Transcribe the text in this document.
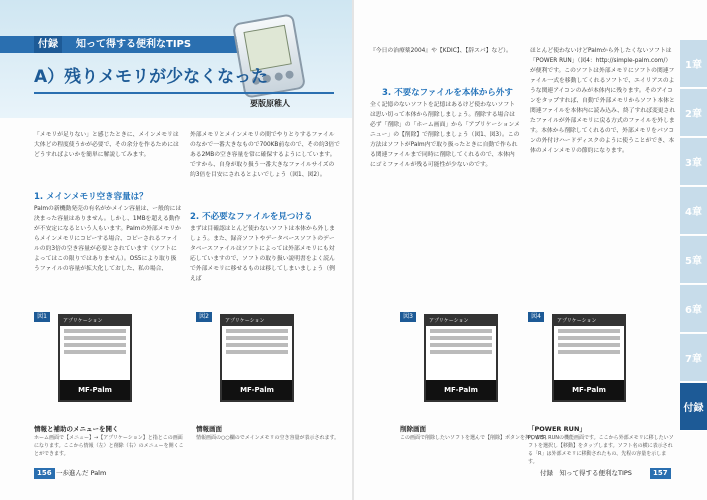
付録	知って得する便利なTIPS
A）残りメモリが少なくなった
要版原稚人
「メモリが足りない」と感じたときに、メインメモリは大体どの程度使うかが必要で、その余分を作るためにはどうすればよいかを簡単に解説してみます。
1. メインメモリ空き容量は？
Palmの新機動発売の有名がかメイン容量は、ー般的には決まった容量はありません。しかし、1MBを超える動作が不安定になるという人もいます。Palmの外部メモリからメインメモリにコピーする場合、コピーされるファイルの約3倍の空き容量が必要とされています（ソフトによってはこの限りではありません）。OS5により取り扱うファイルの容量が拡大化しておした、私の場合、
外部メモリとメインメモリの間でやりとりするファイルのなかで一番大きなもので700KB前なので、その約3倍である2MBの空き容量を常に確保するようにしています。ですから、自身が取り扱う一番大きなファイルサイズの約3倍を目安にされるとよいでしょう（図1、図2）。
2. 不必要なファイルを見つける
まずは目確認はとんど使わないソフトは本体から外しましょう。また、録音ソフトやデータベースソフトのデータベースファイルはソフトによっては外部メモリにも対応していますので、ソフトの取り扱い説明書をよく読んで外部メモリに移せるものは移してしまいましょう（例えば
『今日の治療薬2004』や【KDIC】、【辞スパ】など）。
3. 不要なファイルを本体から外す
全く記憶のないソフトを記憶はあるけど使わないソフトは思い切って本体から削除しましょう。削除する場合は必ず「削除」の「ホーム画面」から「アプリケーションメニュー」の【削除】で削除しましょう（図1、図3）。この方法はソフトがPalm内で取り扱ったときに自動で作られる関連ファイルまで同時に削除してくれるので、本体内にゴミファイルが残る可能性が少ないのです。
ほとんど使わないけどPalmから外したくないソフトは「POWER RUN」（図4：http://simple-palm.com/）が便利です。このソフトは外部メモリにソフトの関連ファイル一式を移動してくれるソフトで、エイリアスのような関連アイコンのみが本体内に残ります。そのアイコンをタップすれば、自動で外部メモリからソフト本体と関連ファイルを本体内に読み込み、終了すれば変更されたファイルが外部メモリに戻る方式のファイルを外します。本体から削除してくれるので、外部メモリをパソコンの外付けハードディスクのように使うことができ、本体のメインメモリの節約になります。
図1
アプリケーション
MF-Palm
情報と補助のメニューを開く
ホーム画面で【メニュー】→【アプリケーション】と指とこの画面になります。ここから情報（左）と削除（右）のメニューを開くことができます。
図2
アプリケーション
MF-Palm
情報画面
情報画面の○○欄のでメインメモリの空き容量が表示されます。
図3
アプリケーション
MF-Palm
削除画面
この画面で削除したいソフトを選んで【削除】ボタンを押します。
図4
アプリケーション
MF-Palm
「POWER RUN」
POWER RUNの機能画面です。ここから外部メモリに移したいソフトを選択し【移動】をタップします。ソフト名の横に表示される「R」は外部メモリに移動されたもの、先程の容量を示します。
156 一歩進んだ Palm	付録　知って得する便利なTIPS	157
1章
2章
3章
4章
5章
6章
7章
付録
